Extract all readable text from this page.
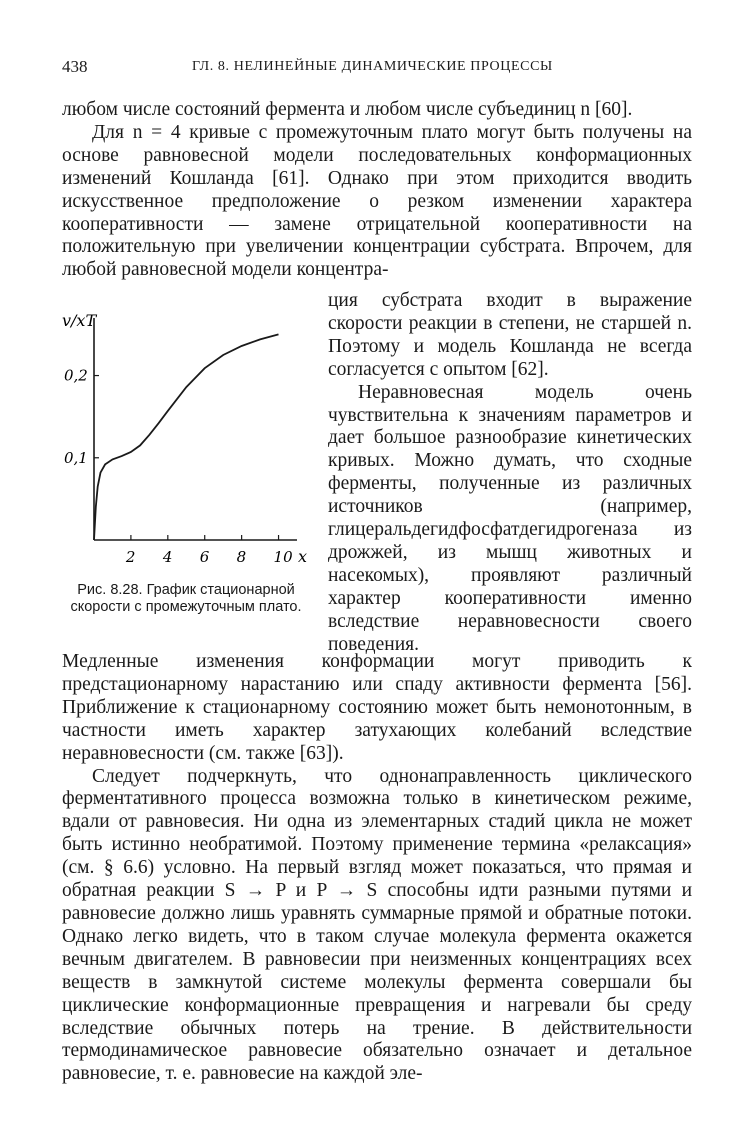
438	ГЛ. 8. НЕЛИНЕЙНЫЕ ДИНАМИЧЕСКИЕ ПРОЦЕССЫ

любом числе состояний фермента и любом числе субъединиц n [60].

Для n = 4 кривые с промежуточным плато могут быть получены на основе равновесной модели последовательных конформационных изменений Кошланда [61]. Однако при этом приходится вводить искусственное предположение о резком изменении характера кооперативности — замене отрицательной кооперативности на положительную при увеличении концентрации субстрата. Впрочем, для любой равновесной модели концентра-

v/xT
x
2 4 6 8 10
0,1
0,2
Рис. 8.28. График стационарной скорости с промежуточным плато.

ция субстрата входит в выражение скорости реакции в степени, не старшей n. Поэтому и модель Кошланда не всегда согласуется с опытом [62].

Неравновесная модель очень чувствительна к значениям параметров и дает большое разнообразие кинетических кривых. Можно думать, что сходные ферменты, полученные из различных источников (например, глицеральдегидфосфатдегидрогеназа из дрожжей, из мышц животных и насекомых), проявляют различный характер кооперативности именно вследствие неравновесности своего поведения.

Медленные изменения конформации могут приводить к предстационарному нарастанию или спаду активности фермента [56]. Приближение к стационарному состоянию может быть немонотонным, в частности иметь характер затухающих колебаний вследствие неравновесности (см. также [63]).

Следует подчеркнуть, что однонаправленность циклического ферментативного процесса возможна только в кинетическом режиме, вдали от равновесия. Ни одна из элементарных стадий цикла не может быть истинно необратимой. Поэтому применение термина «релаксация» (см. § 6.6) условно. На первый взгляд может показаться, что прямая и обратная реакции S → P и P → S способны идти разными путями и равновесие должно лишь уравнять суммарные прямой и обратные потоки. Однако легко видеть, что в таком случае молекула фермента окажется вечным двигателем. В равновесии при неизменных концентрациях всех веществ в замкнутой системе молекулы фермента совершали бы циклические конформационные превращения и нагревали бы среду вследствие обычных потерь на трение. В действительности термодинамическое равновесие обязательно означает и детальное равновесие, т. е. равновесие на каждой эле-
